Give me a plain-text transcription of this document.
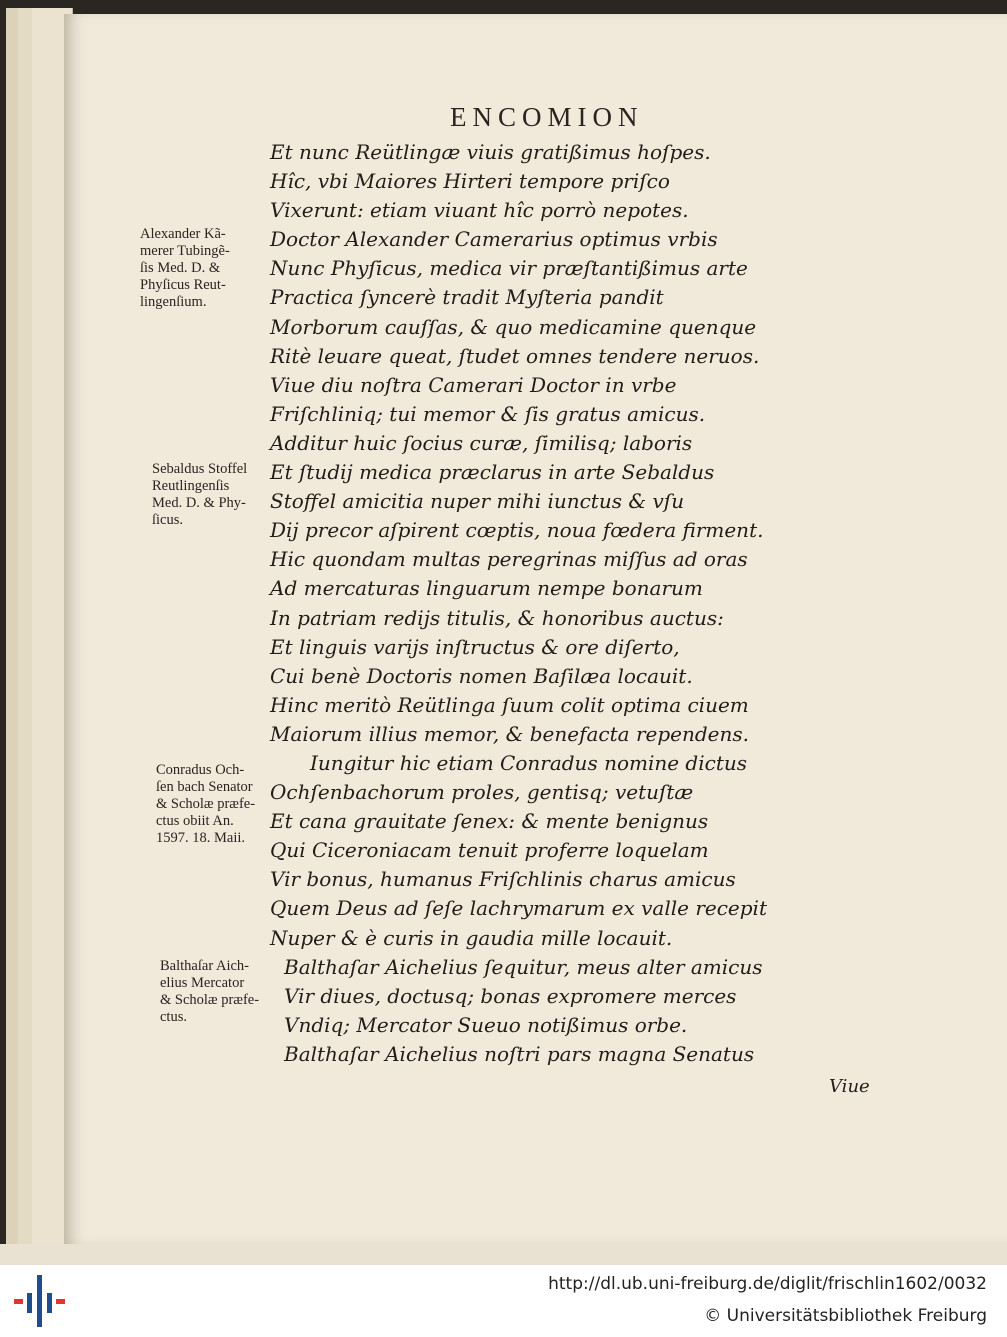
ENCOMION
Et nunc Reütlingæ viuis gratißimus hoſpes.
Hîc, vbi Maiores Hirteri tempore priſco
Vixerunt: etiam viuant hîc porrò nepotes.
Doctor Alexander Camerarius optimus vrbis
Nunc Phyſicus, medica vir præſtantißimus arte
Practica ſyncerè tradit Myſteria pandit
Morborum cauſſas, & quo medicamine quenque
Ritè leuare queat, ſtudet omnes tendere neruos.
Viue diu noſtra Camerari Doctor in vrbe
Friſchliniq; tui memor & ſis gratus amicus.
Additur huic ſocius curæ, ſimilisq; laboris
Et ſtudij medica præclarus in arte Sebaldus
Stoffel amicitia nuper mihi iunctus & vſu
Dij precor aſpirent cœptis, noua fœdera firment.
Hic quondam multas peregrinas miſſus ad oras
Ad mercaturas linguarum nempe bonarum
In patriam redijs titulis, & honoribus auctus:
Et linguis varijs inſtructus & ore diſerto,
Cui benè Doctoris nomen Baſilæa locauit.
Hinc meritò Reütlinga ſuum colit optima ciuem
Maiorum illius memor, & benefacta rependens.
Iungitur hic etiam Conradus nomine dictus
Ochſenbachorum proles, gentisq; vetuſtæ
Et cana grauitate ſenex: & mente benignus
Qui Ciceroniacam tenuit proferre loquelam
Vir bonus, humanus Friſchlinis charus amicus
Quem Deus ad ſeſe lachrymarum ex valle recepit
Nuper & è curis in gaudia mille locauit.
Balthaſar Aichelius ſequitur, meus alter amicus
Vir diues, doctusq; bonas expromere merces
Vndiq; Mercator Sueuo notißimus orbe.
Balthaſar Aichelius noſtri pars magna Senatus

Alexander Kã-
merer Tubingẽ-
ſis Med. D. &
Phyſicus Reut-
lingenſium.

Sebaldus Stoffel
Reutlingenſis
Med. D. & Phy-
ſicus.

Conradus Och-
ſen bach Senator
& Scholæ præfe-
ctus obiit An.
1597. 18. Maii.

Balthaſar Aich-
elius Mercator
& Scholæ præfe-
ctus.

Viue
http://dl.ub.uni-freiburg.de/diglit/frischlin1602/0032
© Universitätsbibliothek Freiburg
